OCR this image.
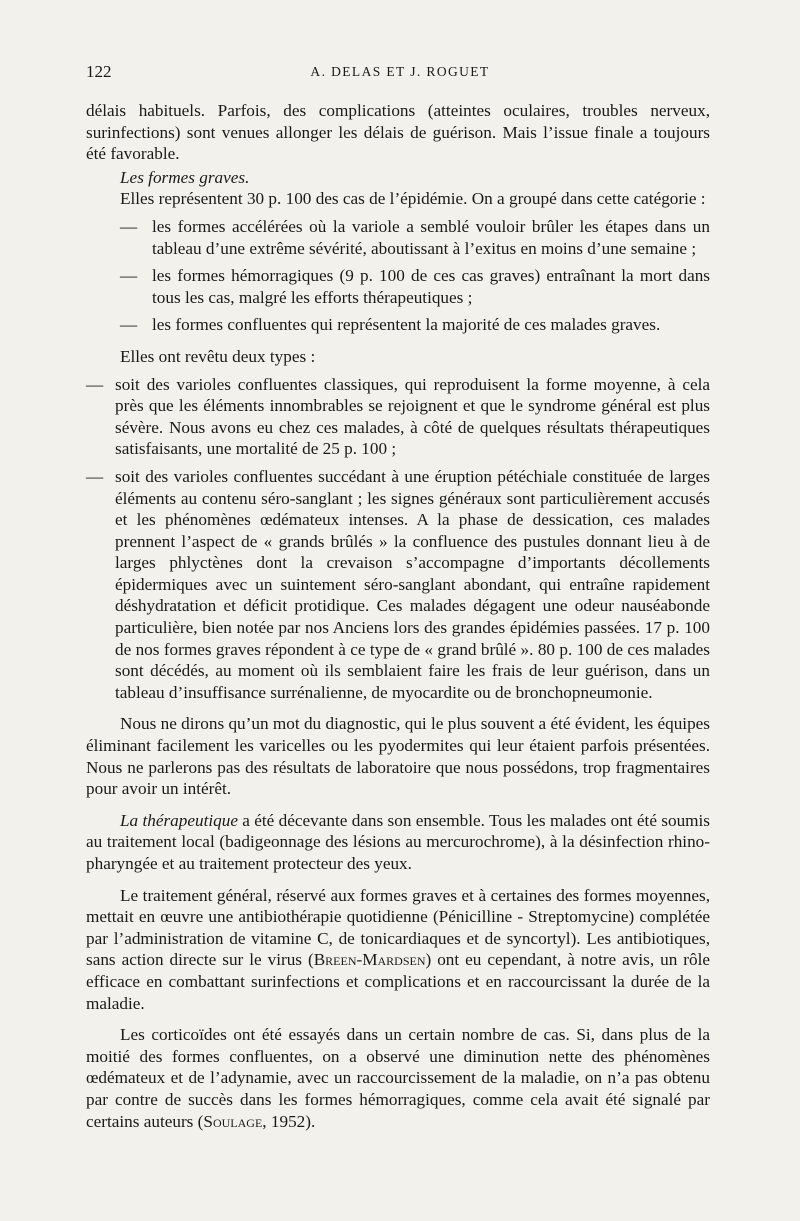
122	A. DELAS ET J. ROGUET

délais habituels. Parfois, des complications (atteintes oculaires, troubles nerveux, surinfections) sont venues allonger les délais de guérison. Mais l’issue finale a toujours été favorable.

Les formes graves.

Elles représentent 30 p. 100 des cas de l’épidémie. On a groupé dans cette catégorie :

— les formes accélérées où la variole a semblé vouloir brûler les étapes dans un tableau d’une extrême sévérité, aboutissant à l’exitus en moins d’une semaine ;
— les formes hémorragiques (9 p. 100 de ces cas graves) entraînant la mort dans tous les cas, malgré les efforts thérapeutiques ;
— les formes confluentes qui représentent la majorité de ces malades graves.

Elles ont revêtu deux types :

— soit des varioles confluentes classiques, qui reproduisent la forme moyenne, à cela près que les éléments innombrables se rejoignent et que le syndrome général est plus sévère. Nous avons eu chez ces malades, à côté de quelques résultats thérapeutiques satisfaisants, une mortalité de 25 p. 100 ;
— soit des varioles confluentes succédant à une éruption pétéchiale constituée de larges éléments au contenu séro-sanglant ; les signes généraux sont particulièrement accusés et les phénomènes œdémateux intenses. A la phase de dessication, ces malades prennent l’aspect de « grands brûlés » la confluence des pustules donnant lieu à de larges phlyctènes dont la crevaison s’accompagne d’importants décollements épidermiques avec un suintement séro-sanglant abondant, qui entraîne rapidement déshydratation et déficit protidique. Ces malades dégagent une odeur nauséabonde particulière, bien notée par nos Anciens lors des grandes épidémies passées. 17 p. 100 de nos formes graves répondent à ce type de « grand brûlé ». 80 p. 100 de ces malades sont décédés, au moment où ils semblaient faire les frais de leur guérison, dans un tableau d’insuffisance surrénalienne, de myocardite ou de bronchopneumonie.

Nous ne dirons qu’un mot du diagnostic, qui le plus souvent a été évident, les équipes éliminant facilement les varicelles ou les pyodermites qui leur étaient parfois présentées. Nous ne parlerons pas des résultats de laboratoire que nous possédons, trop fragmentaires pour avoir un intérêt.

La thérapeutique a été décevante dans son ensemble. Tous les malades ont été soumis au traitement local (badigeonnage des lésions au mercurochrome), à la désinfection rhino-pharyngée et au traitement protecteur des yeux.

Le traitement général, réservé aux formes graves et à certaines des formes moyennes, mettait en œuvre une antibiothérapie quotidienne (Pénicilline - Streptomycine) complétée par l’administration de vitamine C, de tonicardiaques et de syncortyl). Les antibiotiques, sans action directe sur le virus (Breen-Mardsen) ont eu cependant, à notre avis, un rôle efficace en combattant surinfections et complications et en raccourcissant la durée de la maladie.

Les corticoïdes ont été essayés dans un certain nombre de cas. Si, dans plus de la moitié des formes confluentes, on a observé une diminution nette des phénomènes œdémateux et de l’adynamie, avec un raccourcissement de la maladie, on n’a pas obtenu par contre de succès dans les formes hémorragiques, comme cela avait été signalé par certains auteurs (Soulage, 1952).
